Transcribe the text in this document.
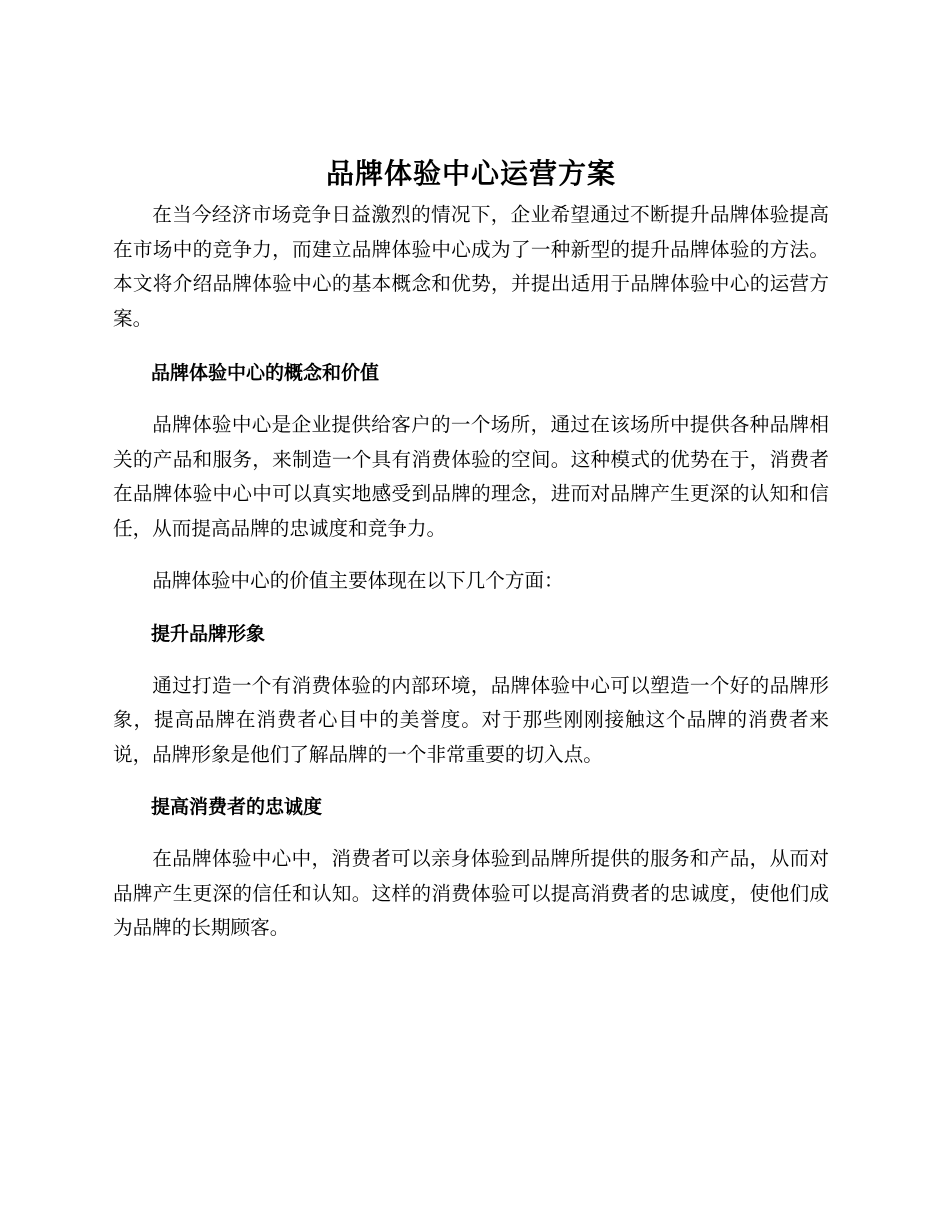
品牌体验中心运营方案

在当今经济市场竞争日益激烈的情况下，企业希望通过不断提升品牌体验提高在市场中的竞争力，而建立品牌体验中心成为了一种新型的提升品牌体验的方法。本文将介绍品牌体验中心的基本概念和优势，并提出适用于品牌体验中心的运营方案。

品牌体验中心的概念和价值

品牌体验中心是企业提供给客户的一个场所，通过在该场所中提供各种品牌相关的产品和服务，来制造一个具有消费体验的空间。这种模式的优势在于，消费者在品牌体验中心中可以真实地感受到品牌的理念，进而对品牌产生更深的认知和信任，从而提高品牌的忠诚度和竞争力。

品牌体验中心的价值主要体现在以下几个方面：

提升品牌形象

通过打造一个有消费体验的内部环境，品牌体验中心可以塑造一个好的品牌形象，提高品牌在消费者心目中的美誉度。对于那些刚刚接触这个品牌的消费者来说，品牌形象是他们了解品牌的一个非常重要的切入点。

提高消费者的忠诚度

在品牌体验中心中，消费者可以亲身体验到品牌所提供的服务和产品，从而对品牌产生更深的信任和认知。这样的消费体验可以提高消费者的忠诚度，使他们成为品牌的长期顾客。
